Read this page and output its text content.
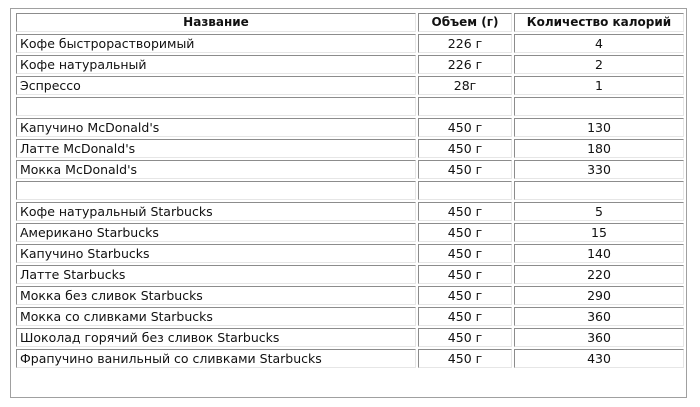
Название	Объем (г)	Количество калорий
Кофе быстрорастворимый	226 г	4
Кофе натуральный	226 г	2
Эспрессо	28г	1

Капучино McDonald's	450 г	130
Латте McDonald's	450 г	180
Мокка McDonald's	450 г	330

Кофе натуральный Starbucks	450 г	5
Американо Starbucks	450 г	15
Капучино Starbucks	450 г	140
Латте Starbucks	450 г	220
Мокка без сливок Starbucks	450 г	290
Мокка со сливками Starbucks	450 г	360
Шоколад горячий без сливок Starbucks	450 г	360
Фрапучино ванильный со сливками Starbucks	450 г	430
